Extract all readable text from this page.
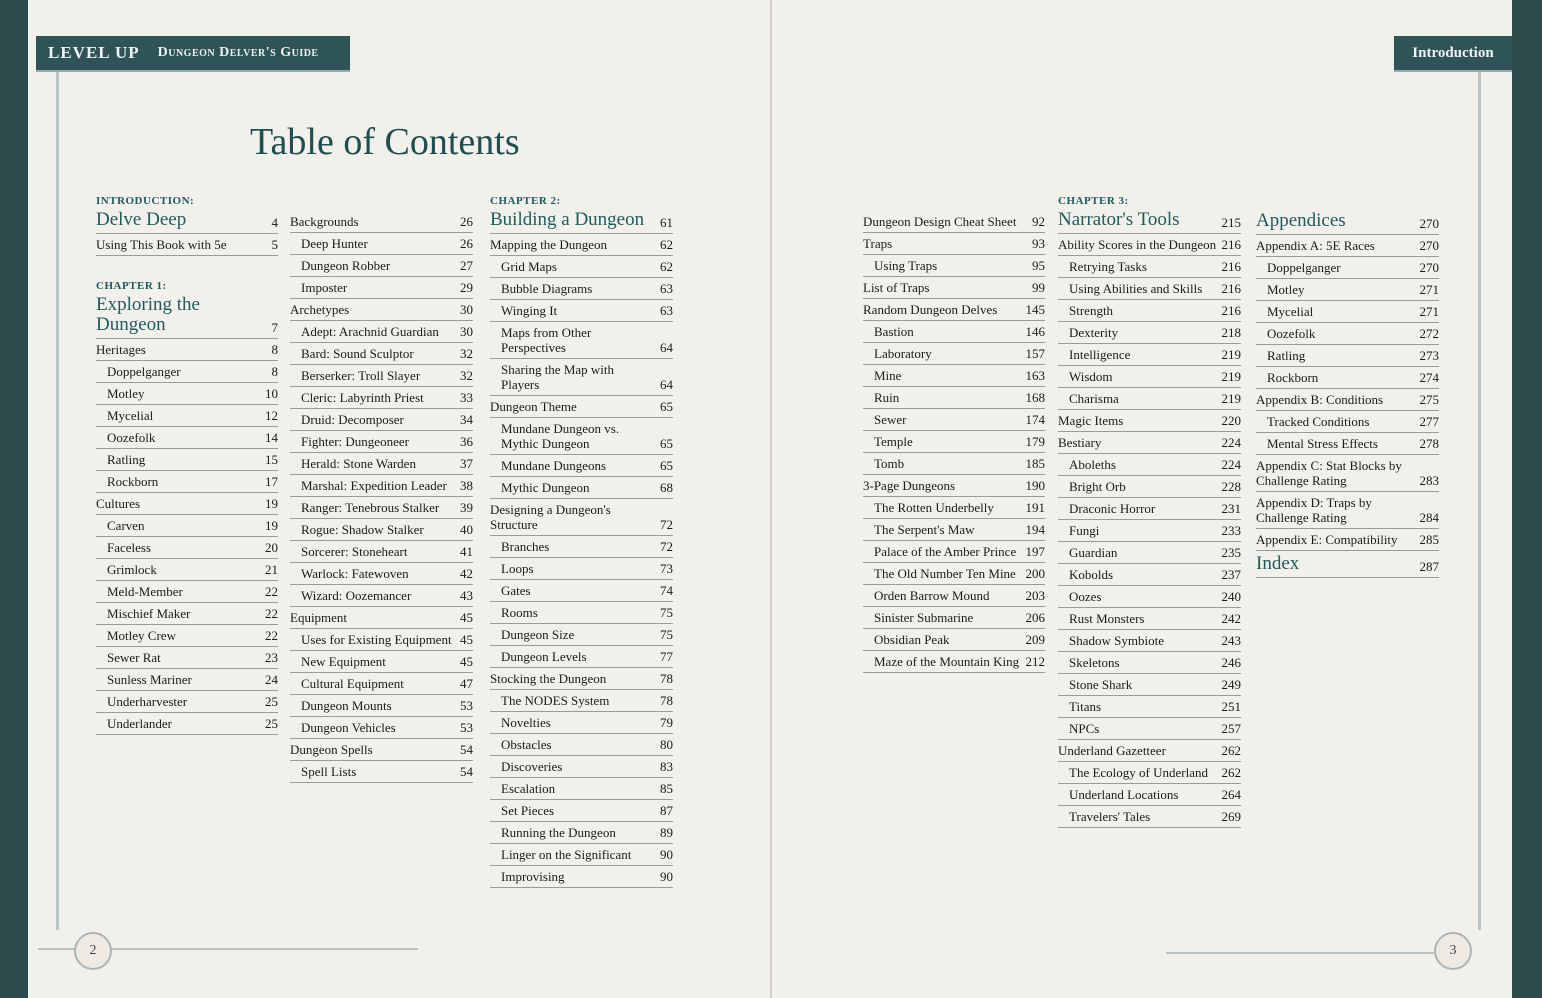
LEVEL UP Dungeon Delver's Guide	Introduction
Table of Contents
INTRODUCTION:
Delve Deep	4
Using This Book with 5e	5
CHAPTER 1:
Exploring the Dungeon	7
Heritages	8
Doppelganger	8
Motley	10
Mycelial	12
Oozefolk	14
Ratling	15
Rockborn	17
Cultures	19
Carven	19
Faceless	20
Grimlock	21
Meld-Member	22
Mischief Maker	22
Motley Crew	22
Sewer Rat	23
Sunless Mariner	24
Underharvester	25
Underlander	25
Backgrounds	26
Deep Hunter	26
Dungeon Robber	27
Imposter	29
Archetypes	30
Adept: Arachnid Guardian	30
Bard: Sound Sculptor	32
Berserker: Troll Slayer	32
Cleric: Labyrinth Priest	33
Druid: Decomposer	34
Fighter: Dungeoneer	36
Herald: Stone Warden	37
Marshal: Expedition Leader	38
Ranger: Tenebrous Stalker	39
Rogue: Shadow Stalker	40
Sorcerer: Stoneheart	41
Warlock: Fatewoven	42
Wizard: Oozemancer	43
Equipment	45
Uses for Existing Equipment 45
New Equipment	45
Cultural Equipment	47
Dungeon Mounts	53
Dungeon Vehicles	53
Dungeon Spells	54
Spell Lists	54
CHAPTER 2:
Building a Dungeon	61
Mapping the Dungeon	62
Grid Maps	62
Bubble Diagrams	63
Winging It	63
Maps from Other Perspectives	64
Sharing the Map with Players	64
Dungeon Theme	65
Mundane Dungeon vs. Mythic Dungeon	65
Mundane Dungeons	65
Mythic Dungeon	68
Designing a Dungeon's Structure	72
Branches	72
Loops	73
Gates	74
Rooms	75
Dungeon Size	75
Dungeon Levels	77
Stocking the Dungeon	78
The NODES System	78
Novelties	79
Obstacles	80
Discoveries	83
Escalation	85
Set Pieces	87
Running the Dungeon	89
Linger on the Significant	90
Improvising	90
Dungeon Design Cheat Sheet	92
Traps	93
Using Traps	95
List of Traps	99
Random Dungeon Delves	145
Bastion	146
Laboratory	157
Mine	163
Ruin	168
Sewer	174
Temple	179
Tomb	185
3-Page Dungeons	190
The Rotten Underbelly	191
The Serpent's Maw	194
Palace of the Amber Prince 197
The Old Number Ten Mine 200
Orden Barrow Mound	203
Sinister Submarine	206
Obsidian Peak	209
Maze of the Mountain King 212
CHAPTER 3:
Narrator's Tools	215
Ability Scores in the Dungeon 216
Retrying Tasks	216
Using Abilities and Skills	216
Strength	216
Dexterity	218
Intelligence	219
Wisdom	219
Charisma	219
Magic Items	220
Bestiary	224
Aboleths	224
Bright Orb	228
Draconic Horror	231
Fungi	233
Guardian	235
Kobolds	237
Oozes	240
Rust Monsters	242
Shadow Symbiote	243
Skeletons	246
Stone Shark	249
Titans	251
NPCs	257
Underland Gazetteer	262
The Ecology of Underland	262
Underland Locations	264
Travelers' Tales	269
Appendices	270
Appendix A: 5E Races	270
Doppelganger	270
Motley	271
Mycelial	271
Oozefolk	272
Ratling	273
Rockborn	274
Appendix B: Conditions	275
Tracked Conditions	277
Mental Stress Effects	278
Appendix C: Stat Blocks by Challenge Rating	283
Appendix D: Traps by Challenge Rating	284
Appendix E: Compatibility	285
Index	287
2	3
